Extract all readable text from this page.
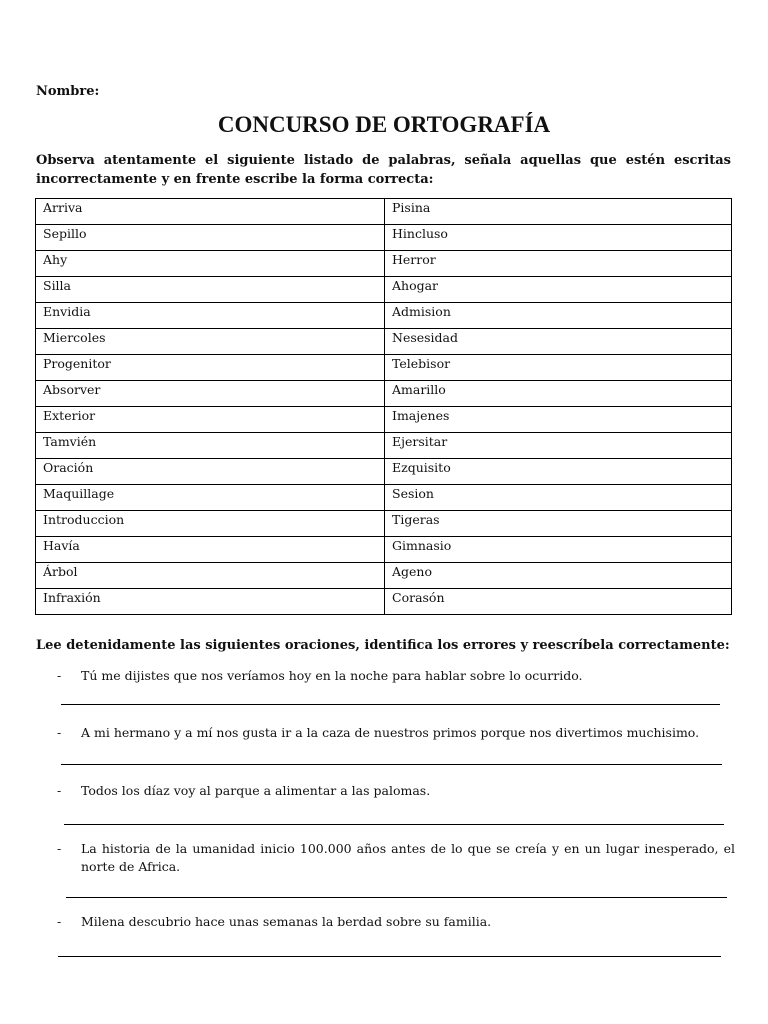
Nombre:
CONCURSO DE ORTOGRAFÍA
Observa atentamente el siguiente listado de palabras, señala aquellas que estén escritas incorrectamente y en frente escribe la forma correcta:
Arriva	Pisina
Sepillo	Hincluso
Ahy	Herror
Silla	Ahogar
Envidia	Admision
Miercoles	Nesesidad
Progenitor	Telebisor
Absorver	Amarillo
Exterior	Imajenes
Tamvién	Ejersitar
Oración	Ezquisito
Maquillage	Sesion
Introduccion	Tigeras
Havía	Gimnasio
Árbol	Ageno
Infraxión	Corasón
Lee detenidamente las siguientes oraciones, identifica los errores y reescríbela correctamente:
- Tú me dijistes que nos veríamos hoy en la noche para hablar sobre lo ocurrido.
- A mi hermano y a mí nos gusta ir a la caza de nuestros primos porque nos divertimos muchisimo.
- Todos los díaz voy al parque a alimentar a las palomas.
- La historia de la umanidad inicio 100.000 años antes de lo que se creía y en un lugar inesperado, el norte de Africa.
- Milena descubrio hace unas semanas la berdad sobre su familia.
